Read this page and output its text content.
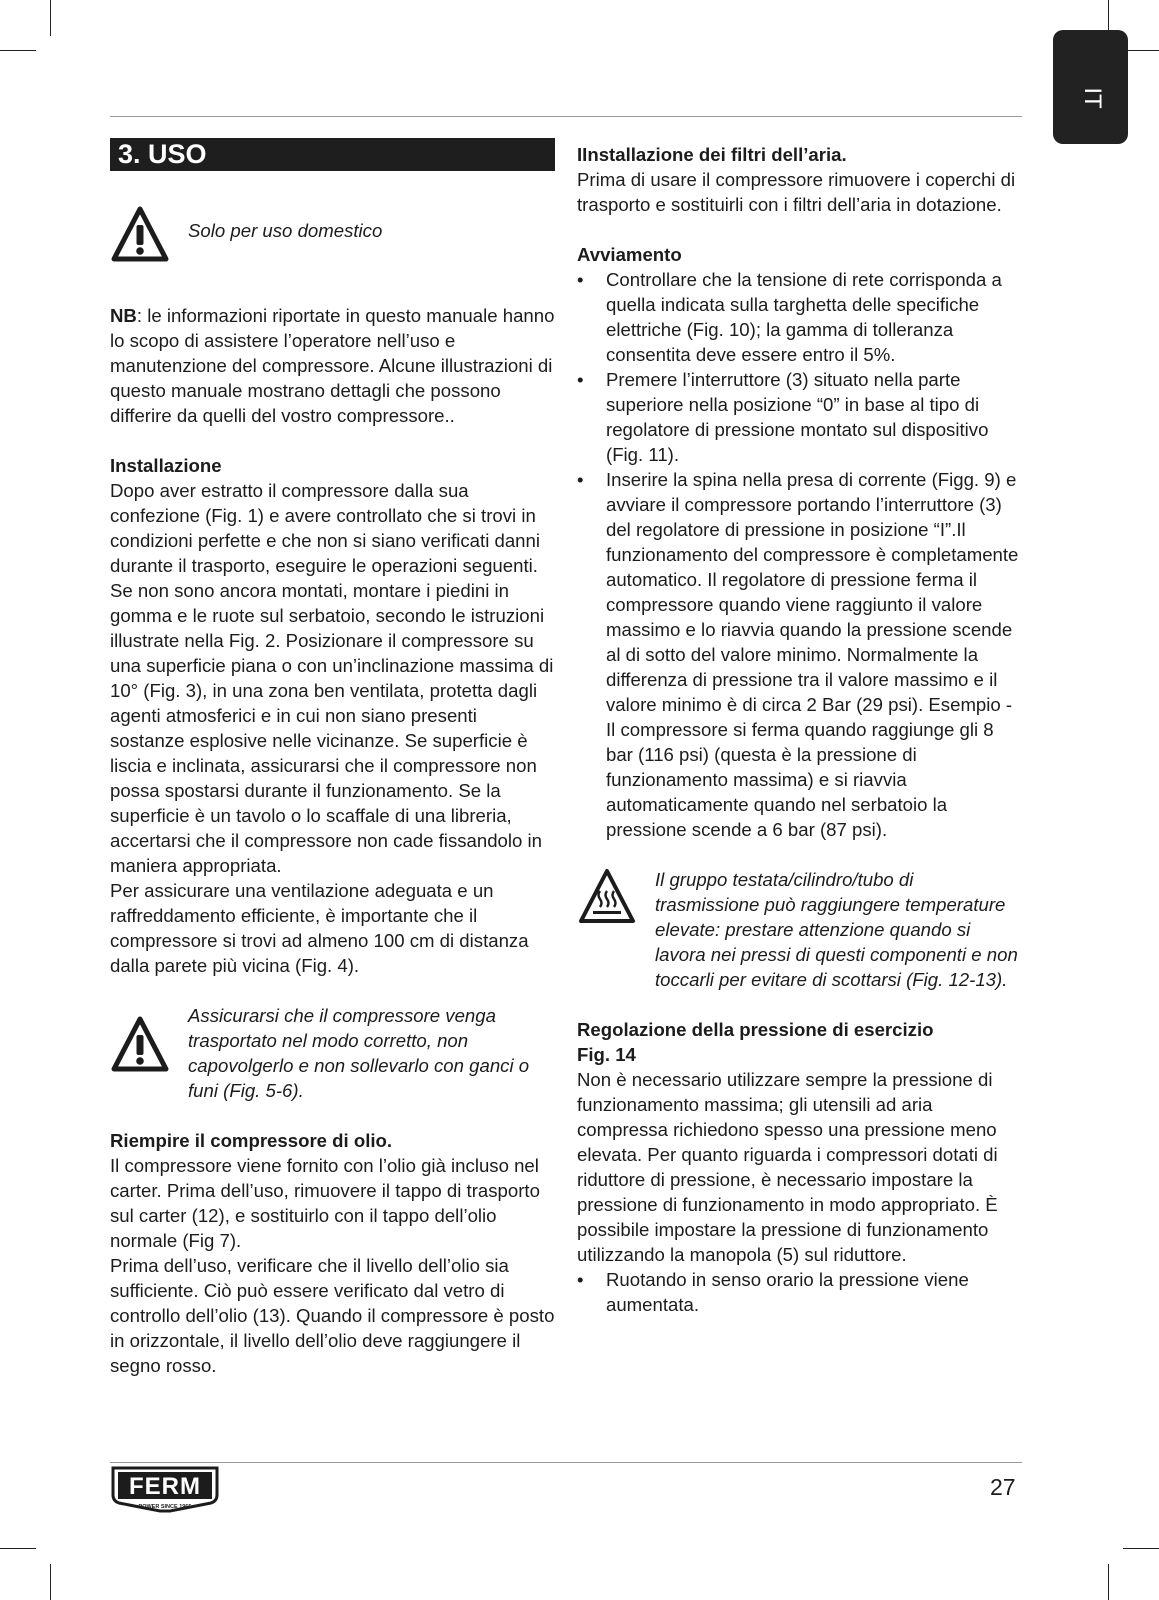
IT
3. USO
Solo per uso domestico

NB: le informazioni riportate in questo manuale hanno lo scopo di assistere l’operatore nell’uso e manutenzione del compressore. Alcune illustrazioni di questo manuale mostrano dettagli che possono differire da quelli del vostro compressore..

Installazione

Dopo aver estratto il compressore dalla sua confezione (Fig. 1) e avere controllato che si trovi in condizioni perfette e che non si siano verificati danni durante il trasporto, eseguire le operazioni seguenti. Se non sono ancora montati, montare i piedini in gomma e le ruote sul serbatoio, secondo le istruzioni illustrate nella Fig. 2. Posizionare il compressore su una superficie piana o con un’inclinazione massima di 10° (Fig. 3), in una zona ben ventilata, protetta dagli agenti atmosferici e in cui non siano presenti sostanze esplosive nelle vicinanze. Se superficie è liscia e inclinata, assicurarsi che il compressore non possa spostarsi durante il funzionamento. Se la superficie è un tavolo o lo scaffale di una libreria, accertarsi che il compressore non cade fissandolo in maniera appropriata.

Per assicurare una ventilazione adeguata e un raffreddamento efficiente, è importante che il compressore si trovi ad almeno 100 cm di distanza dalla parete più vicina (Fig. 4).

Assicurarsi che il compressore venga trasportato nel modo corretto, non capovolgerlo e non sollevarlo con ganci o funi (Fig. 5-6).

Riempire il compressore di olio.

Il compressore viene fornito con l’olio già incluso nel carter. Prima dell’uso, rimuovere il tappo di trasporto sul carter (12), e sostituirlo con il tappo dell’olio normale (Fig 7).

Prima dell’uso, verificare che il livello dell’olio sia sufficiente. Ciò può essere verificato dal vetro di controllo dell’olio (13). Quando il compressore è posto in orizzontale, il livello dell’olio deve raggiungere il segno rosso.

IInstallazione dei filtri dell’aria.

Prima di usare il compressore rimuovere i coperchi di trasporto e sostituirli con i filtri dell’aria in dotazione.

Avviamento

• Controllare che la tensione di rete corrisponda a quella indicata sulla targhetta delle specifiche elettriche (Fig. 10); la gamma di tolleranza consentita deve essere entro il 5%.
• Premere l’interruttore (3) situato nella parte superiore nella posizione “0” in base al tipo di regolatore di pressione montato sul dispositivo (Fig. 11).
• Inserire la spina nella presa di corrente (Figg. 9) e avviare il compressore portando l’interruttore (3) del regolatore di pressione in posizione “I”.Il funzionamento del compressore è completamente automatico. Il regolatore di pressione ferma il compressore quando viene raggiunto il valore massimo e lo riavvia quando la pressione scende al di sotto del valore minimo. Normalmente la differenza di pressione tra il valore massimo e il valore minimo è di circa 2 Bar (29 psi). Esempio - Il compressore si ferma quando raggiunge gli 8 bar (116 psi) (questa è la pressione di funzionamento massima) e si riavvia automaticamente quando nel serbatoio la pressione scende a 6 bar (87 psi).
Il gruppo testata/cilindro/tubo di trasmissione può raggiungere temperature elevate: prestare attenzione quando si lavora nei pressi di questi componenti e non toccarli per evitare di scottarsi (Fig. 12-13).

Regolazione della pressione di esercizio

Fig. 14

Non è necessario utilizzare sempre la pressione di funzionamento massima; gli utensili ad aria compressa richiedono spesso una pressione meno elevata. Per quanto riguarda i compressori dotati di riduttore di pressione, è necessario impostare la pressione di funzionamento in modo appropriato. È possibile impostare la pressione di funzionamento utilizzando la manopola (5) sul riduttore.

• Ruotando in senso orario la pressione viene aumentata.
FERM
POWER SINCE 1965
27
